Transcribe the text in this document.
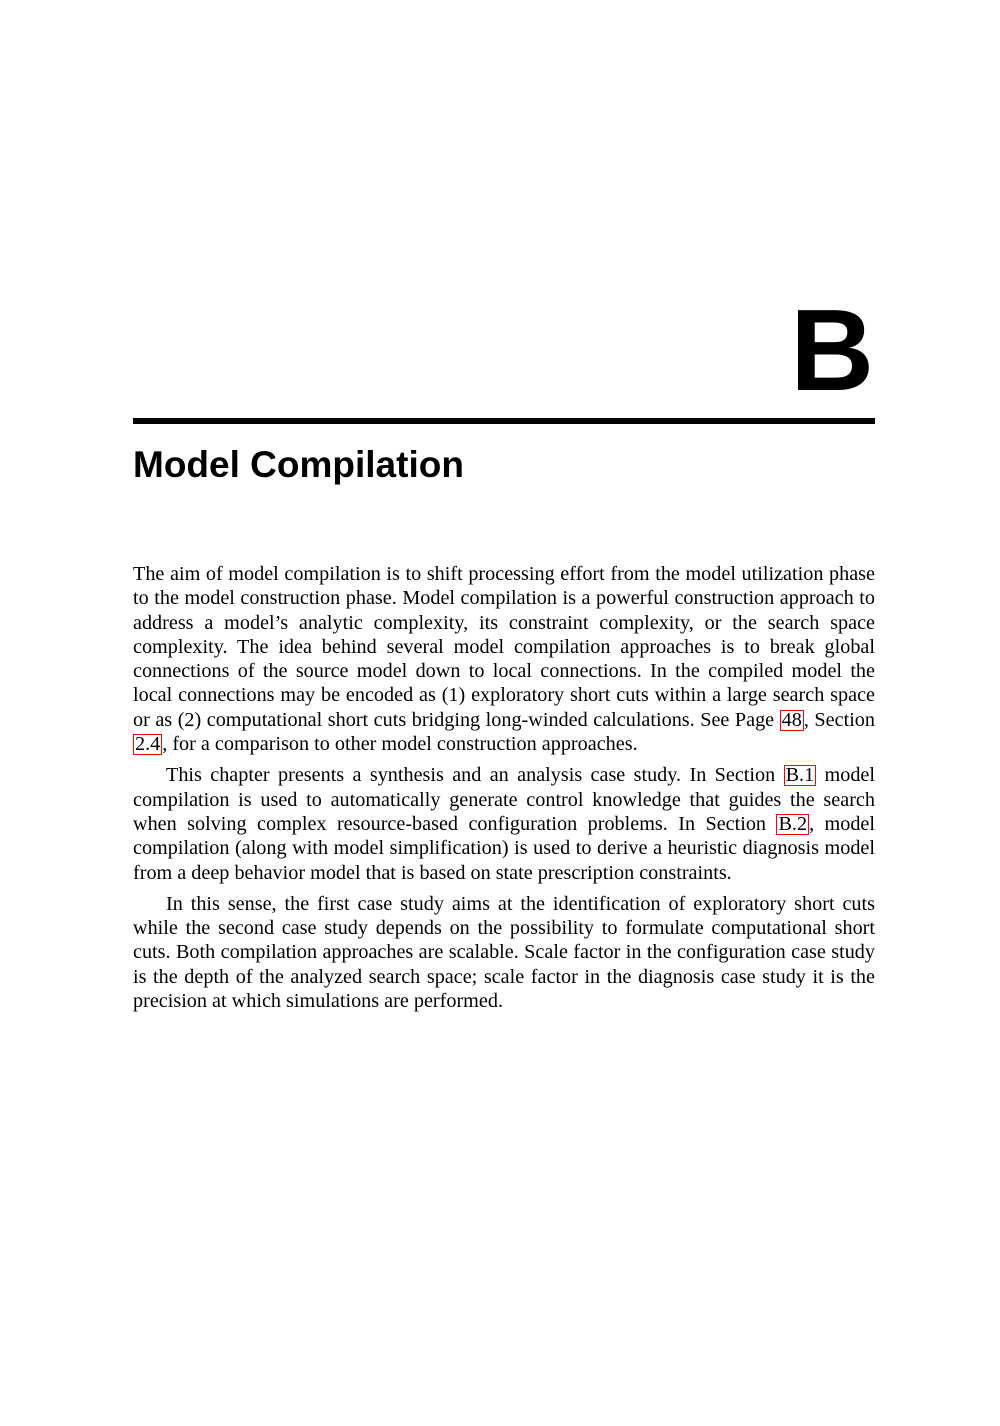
B
Model Compilation

The aim of model compilation is to shift processing effort from the model utilization phase to the model construction phase. Model compilation is a powerful construction approach to address a model’s analytic complexity, its constraint complexity, or the search space complexity. The idea behind several model compilation approaches is to break global connections of the source model down to local connections. In the compiled model the local connections may be encoded as (1) exploratory short cuts within a large search space or as (2) computational short cuts bridging long-winded calculations. See Page 48, Section 2.4, for a comparison to other model construction approaches.

This chapter presents a synthesis and an analysis case study. In Section B.1 model compilation is used to automatically generate control knowledge that guides the search when solving complex resource-based configuration problems. In Section B.2, model compilation (along with model simplification) is used to derive a heuristic diagnosis model from a deep behavior model that is based on state prescription constraints.

In this sense, the first case study aims at the identification of exploratory short cuts while the second case study depends on the possibility to formulate computational short cuts. Both compilation approaches are scalable. Scale factor in the configuration case study is the depth of the analyzed search space; scale factor in the diagnosis case study it is the precision at which simulations are performed.
